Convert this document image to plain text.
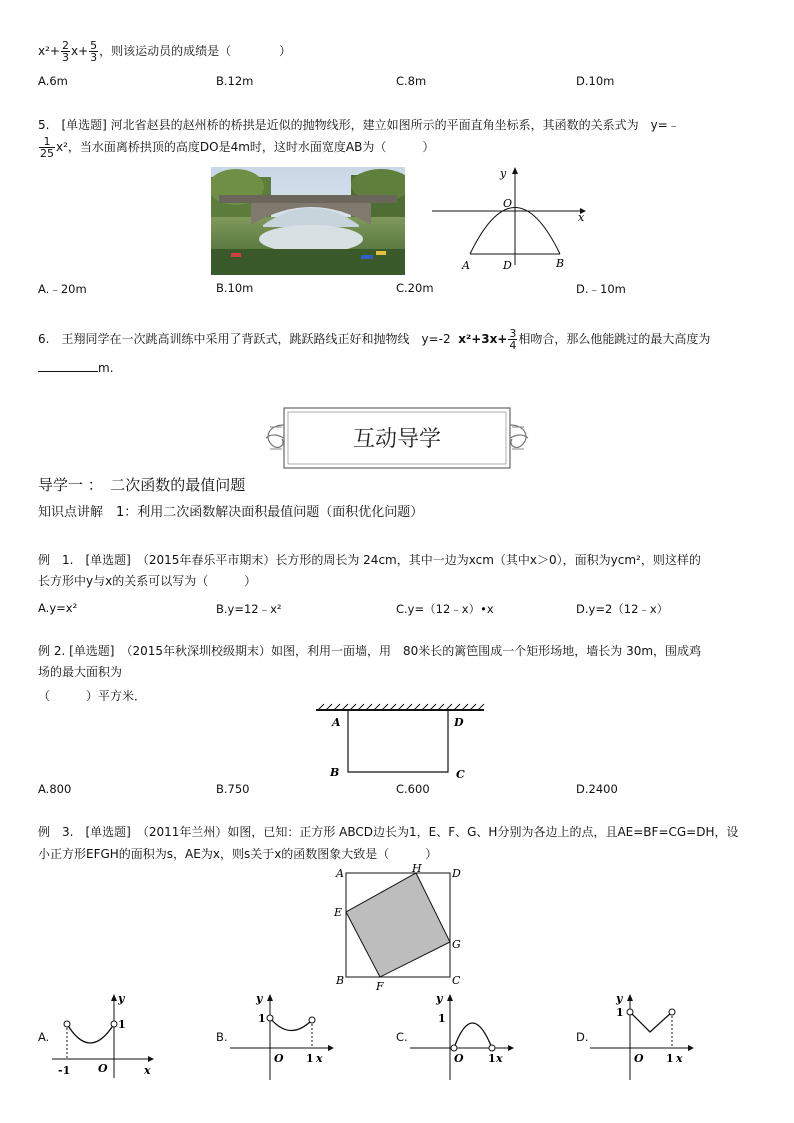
$x^2+ \frac{2}{3} x+ \frac{5}{3}$ ，则该运动员的成绩是（　　　　）
A.6m	B.12m	C.8m	D.10m
5.　[单选题] 河北省赵县的赵州桥的桥拱是近似的抛物线形，建立如图所示的平面直角坐标系，其函数的关系式为　y=﹣
$\frac{1}{25} x^2$，当水面离桥拱顶的高度DO是4m时，这时水面宽度AB为（　　　）
y
x
O
A	D	B
A.﹣20m	B.10m	C.20m	D.﹣10m
6.　王翔同学在一次跳高训练中采用了背跃式，跳跃路线正好和抛物线　y=-2 $x^2+3x+ \frac{3}{4}$ 相吻合，那么他能跳过的最大高度为
m.
互动导学
导学一 ：　二次函数的最值问题
知识点讲解　1：利用二次函数解决面积最值问题（面积优化问题）
例　1.　[单选题]　（2015年春乐平市期末）长方形的周长为 24cm，其中一边为xcm（其中x＞0），面积为ycm²，则这样的
长方形中y与x的关系可以写为（　　　）
A.y=x²	B.y=12﹣x²	C.y=（12﹣x）•x	D.y=2（12﹣x）
例 2. [单选题]　（2015年秋深圳校级期末）如图，利用一面墙，用　80米长的篱笆围成一个矩形场地，墙长为 30m，围成鸡
场的最大面积为
（　　　）平方米．
A	D
B	C
A.800	B.750	C.600	D.2400
例　3.　[单选题]　（2011年兰州）如图，已知：正方形 ABCD边长为1，E、F、G、H分别为各边上的点，且AE=BF=CG=DH，设
小正方形EFGH的面积为s，AE为x，则s关于x的函数图象大致是（　　　）
A	H	D
E
G
B	F	C
A.
1
y
x
O
-1
B.
1
y
x
O 1
C.
1
y
x
O 1
D.
1
y
x
O 1
